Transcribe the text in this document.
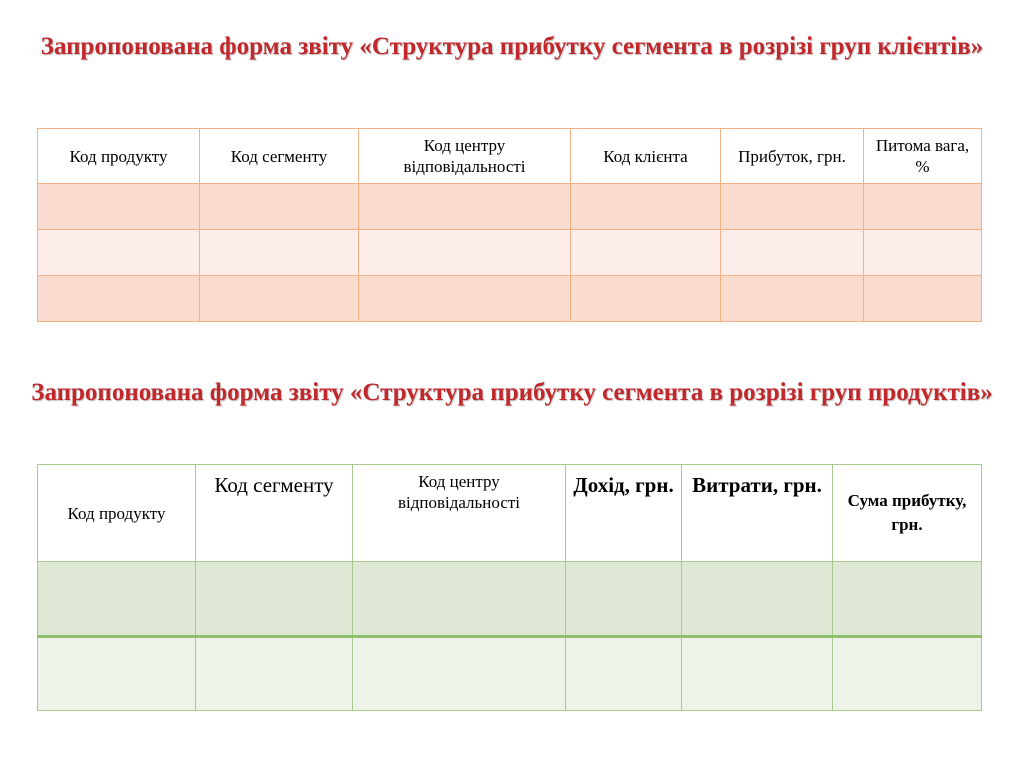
Запропонована форма звіту «Структура прибутку сегмента в розрізі груп клієнтів»
Код продукту	Код сегменту	Код центру відповідальності	Код клієнта	Прибуток, грн.	Питома вага, %

Запропонована форма звіту «Структура прибутку сегмента в розрізі груп продуктів»
Код продукту	Код сегменту	Код центру відповідальності	Дохід, грн.	Витрати, грн.	Сума прибутку, грн.
